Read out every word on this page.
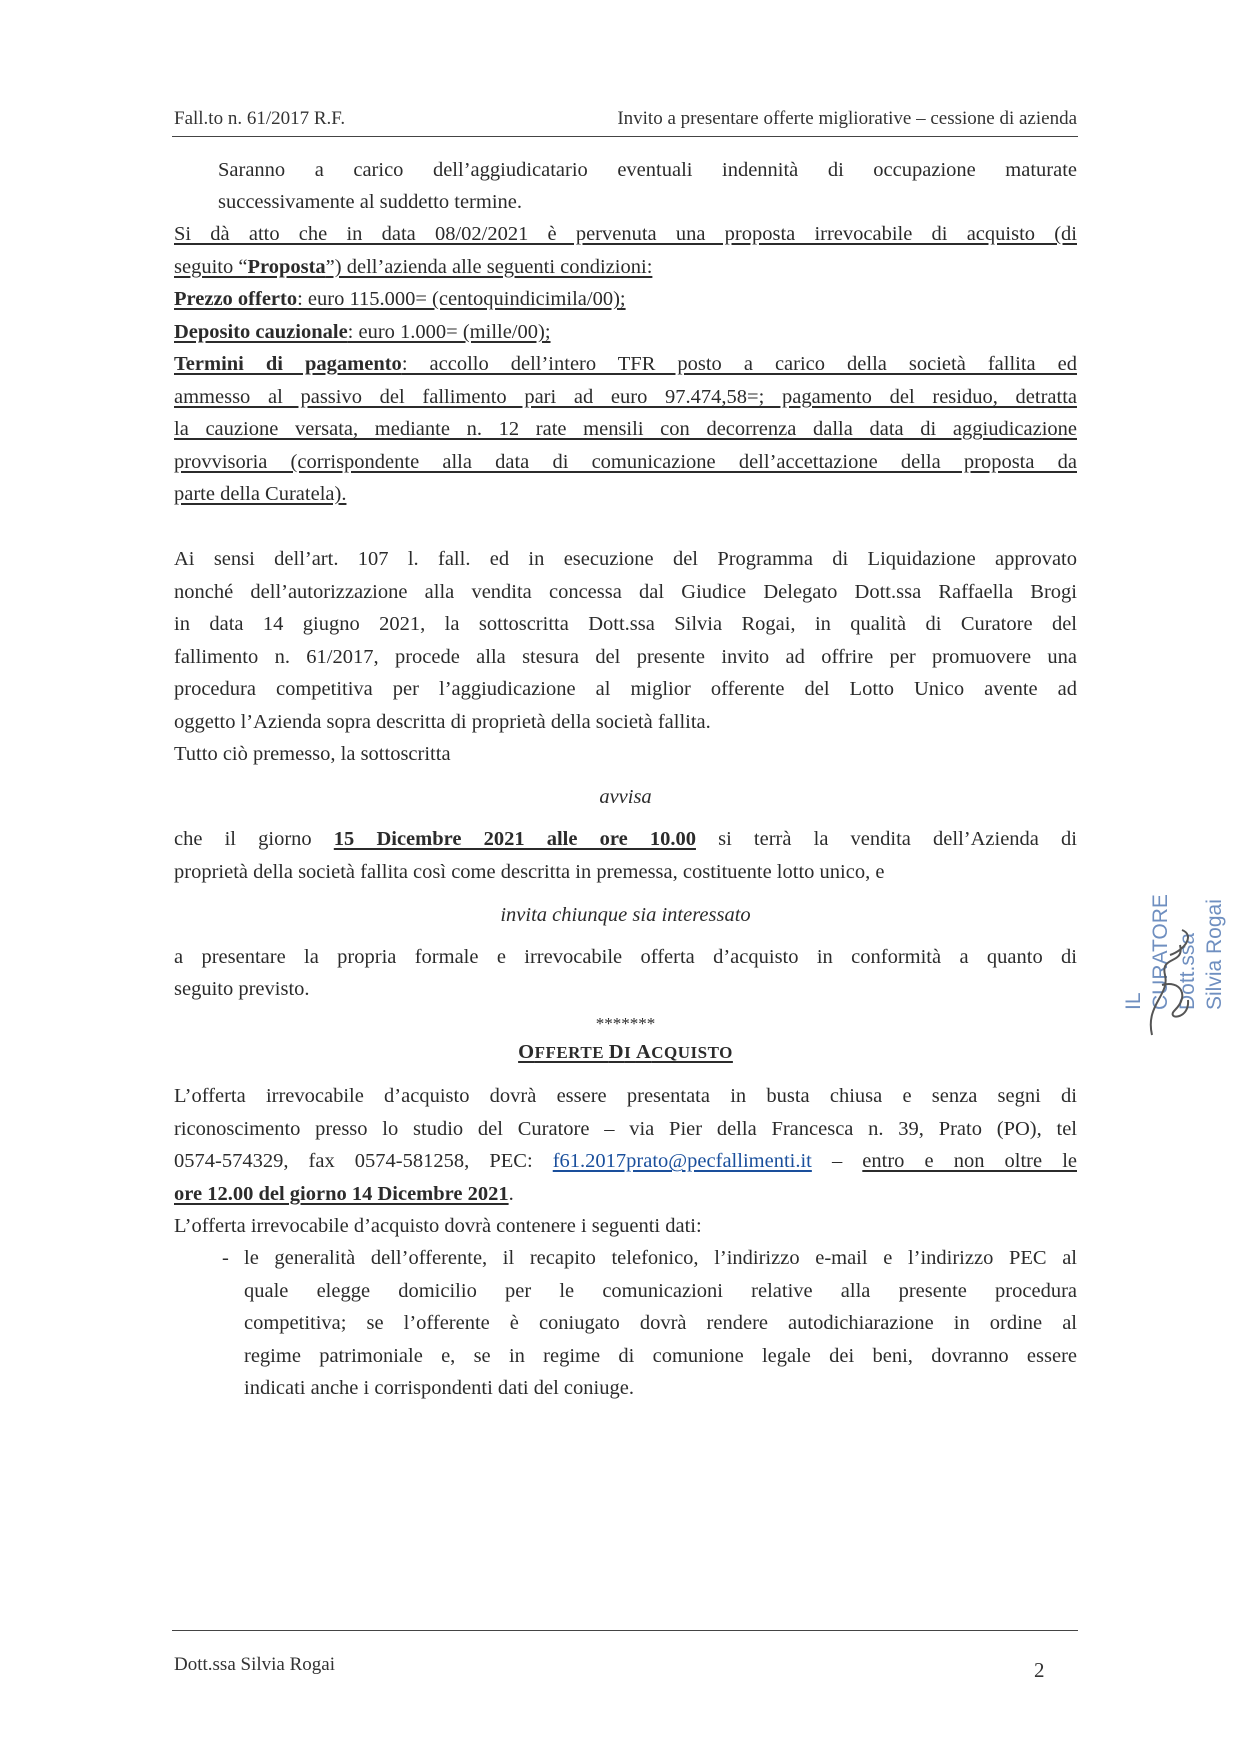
Fall.to n. 61/2017 R.F.	Invito a presentare offerte migliorative – cessione di azienda
Saranno a carico dell’aggiudicatario eventuali indennità di occupazione maturate
successivamente al suddetto termine.
Si dà atto che in data 08/02/2021 è pervenuta una proposta irrevocabile di acquisto (di
seguito “Proposta”) dell’azienda alle seguenti condizioni:
Prezzo offerto: euro 115.000= (centoquindicimila/00);
Deposito cauzionale: euro 1.000= (mille/00);
Termini di pagamento: accollo dell’intero TFR posto a carico della società fallita ed
ammesso al passivo del fallimento pari ad euro 97.474,58=; pagamento del residuo, detratta
la cauzione versata, mediante n. 12 rate mensili con decorrenza dalla data di aggiudicazione
provvisoria (corrispondente alla data di comunicazione dell’accettazione della proposta da
parte della Curatela).
Ai sensi dell’art. 107 l. fall. ed in esecuzione del Programma di Liquidazione approvato
nonché dell’autorizzazione alla vendita concessa dal Giudice Delegato Dott.ssa Raffaella Brogi
in data 14 giugno 2021, la sottoscritta Dott.ssa Silvia Rogai, in qualità di Curatore del
fallimento n. 61/2017, procede alla stesura del presente invito ad offrire per promuovere una
procedura competitiva per l’aggiudicazione al miglior offerente del Lotto Unico avente ad
oggetto l’Azienda sopra descritta di proprietà della società fallita.
Tutto ciò premesso, la sottoscritta
avvisa
che il giorno 15 Dicembre 2021 alle ore 10.00 si terrà la vendita dell’Azienda di
proprietà della società fallita così come descritta in premessa, costituente lotto unico, e
invita chiunque sia interessato
a presentare la propria formale e irrevocabile offerta d’acquisto in conformità a quanto di
seguito previsto.
*******
OFFERTE DI ACQUISTO
L’offerta irrevocabile d’acquisto dovrà essere presentata in busta chiusa e senza segni di
riconoscimento presso lo studio del Curatore – via Pier della Francesca n. 39, Prato (PO), tel
0574-574329, fax 0574-581258, PEC: f61.2017prato@pecfallimenti.it – entro e non oltre le
ore 12.00 del giorno 14 Dicembre 2021.
L’offerta irrevocabile d’acquisto dovrà contenere i seguenti dati:
- le generalità dell’offerente, il recapito telefonico, l’indirizzo e-mail e l’indirizzo PEC al
quale elegge domicilio per le comunicazioni relative alla presente procedura
competitiva; se l’offerente è coniugato dovrà rendere autodichiarazione in ordine al
regime patrimoniale e, se in regime di comunione legale dei beni, dovranno essere
indicati anche i corrispondenti dati del coniuge.
IL CURATORE Dott.ssa Silvia Rogai
Dott.ssa Silvia Rogai	2
